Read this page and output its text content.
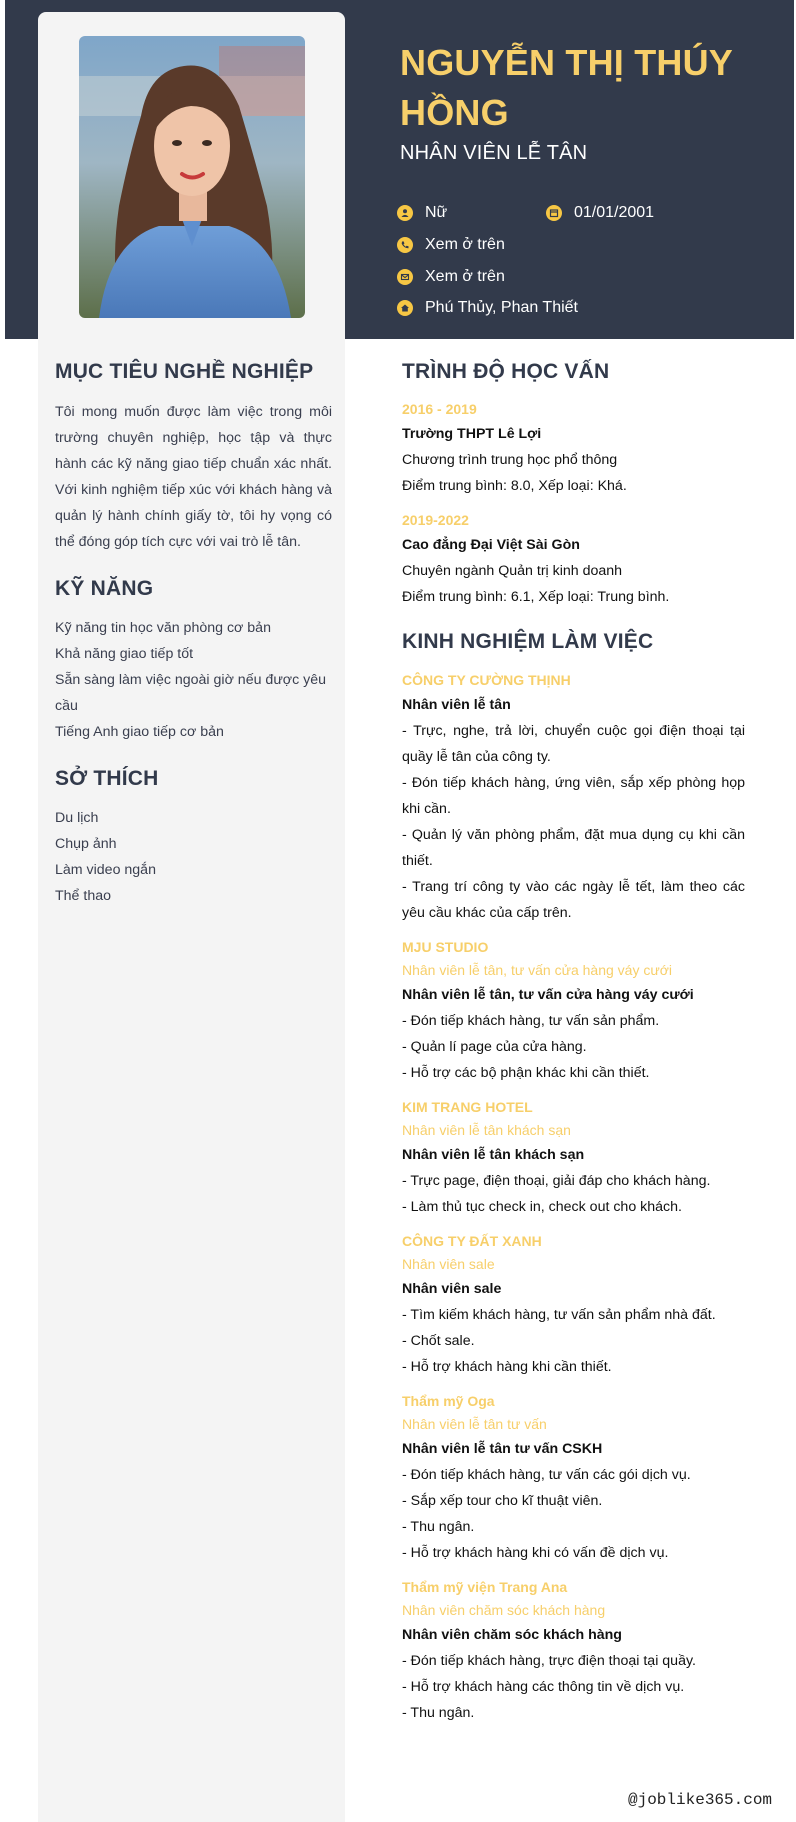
NGUYỄN THỊ THÚY HỒNG
NHÂN VIÊN LỄ TÂN
Nữ	01/01/2001
Xem ở trên
Xem ở trên
Phú Thủy, Phan Thiết
MỤC TIÊU NGHỀ NGHIỆP
Tôi mong muốn được làm việc trong môi trường chuyên nghiệp, học tập và thực hành các kỹ năng giao tiếp chuẩn xác nhất. Với kinh nghiệm tiếp xúc với khách hàng và quản lý hành chính giấy tờ, tôi hy vọng có thể đóng góp tích cực với vai trò lễ tân.
KỸ NĂNG
Kỹ năng tin học văn phòng cơ bản
Khả năng giao tiếp tốt
Sẵn sàng làm việc ngoài giờ nếu được yêu cầu
Tiếng Anh giao tiếp cơ bản
SỞ THÍCH
Du lịch
Chụp ảnh
Làm video ngắn
Thể thao
TRÌNH ĐỘ HỌC VẤN
2016 - 2019
Trường THPT Lê Lợi
Chương trình trung học phổ thông
Điểm trung bình: 8.0, Xếp loại: Khá.
2019-2022
Cao đẳng Đại Việt Sài Gòn
Chuyên ngành Quản trị kinh doanh
Điểm trung bình: 6.1, Xếp loại: Trung bình.
KINH NGHIỆM LÀM VIỆC
CÔNG TY CƯỜNG THỊNH
Nhân viên lễ tân
- Trực, nghe, trả lời, chuyển cuộc gọi điện thoại tại quầy lễ tân của công ty.
- Đón tiếp khách hàng, ứng viên, sắp xếp phòng họp khi cần.
- Quản lý văn phòng phẩm, đặt mua dụng cụ khi cần thiết.
- Trang trí công ty vào các ngày lễ tết, làm theo các yêu cầu khác của cấp trên.
MJU STUDIO
Nhân viên lễ tân, tư vấn cửa hàng váy cưới
Nhân viên lễ tân, tư vấn cửa hàng váy cưới
- Đón tiếp khách hàng, tư vấn sản phẩm.
- Quản lí page của cửa hàng.
- Hỗ trợ các bộ phận khác khi cần thiết.
KIM TRANG HOTEL
Nhân viên lễ tân khách sạn
Nhân viên lễ tân khách sạn
- Trực page, điện thoại, giải đáp cho khách hàng.
- Làm thủ tục check in, check out cho khách.
CÔNG TY ĐẤT XANH
Nhân viên sale
Nhân viên sale
- Tìm kiếm khách hàng, tư vấn sản phẩm nhà đất.
- Chốt sale.
- Hỗ trợ khách hàng khi cần thiết.
Thẩm mỹ Oga
Nhân viên lễ tân tư vấn
Nhân viên lễ tân tư vấn CSKH
- Đón tiếp khách hàng, tư vấn các gói dịch vụ.
- Sắp xếp tour cho kĩ thuật viên.
- Thu ngân.
- Hỗ trợ khách hàng khi có vấn đề dịch vụ.
Thẩm mỹ viện Trang Ana
Nhân viên chăm sóc khách hàng
Nhân viên chăm sóc khách hàng
- Đón tiếp khách hàng, trực điện thoại tại quầy.
- Hỗ trợ khách hàng các thông tin về dịch vụ.
- Thu ngân.
@joblike365.com
